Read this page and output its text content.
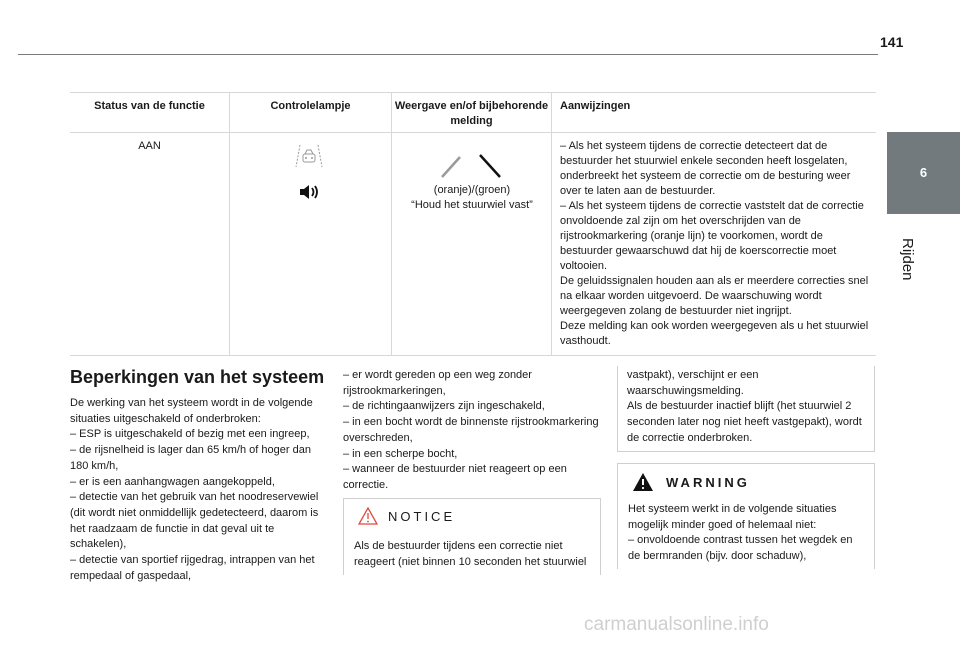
141
6
Rijden
Status van de functie	Controlelampje	Weergave en/of bijbehorende melding
Aanwijzingen
AAN

(oranje)/(groen)

“Houd het stuurwiel vast”

– Als het systeem tijdens de correctie detecteert dat de bestuurder het stuurwiel enkele seconden heeft losgelaten, onderbreekt het systeem de correctie om de besturing weer over te laten aan de bestuurder.

– Als het systeem tijdens de correctie vaststelt dat de correctie onvoldoende zal zijn om het overschrijden van de rijstrookmarkering (oranje lijn) te voorkomen, wordt de bestuurder gewaarschuwd dat hij de koerscorrectie moet voltooien.

De geluidssignalen houden aan als er meerdere correcties snel na elkaar worden uitgevoerd. De waarschuwing wordt weergegeven zolang de bestuurder niet ingrijpt.

Deze melding kan ook worden weergegeven als u het stuurwiel vasthoudt.

Beperkingen van het systeem

De werking van het systeem wordt in de volgende situaties uitgeschakeld of onderbroken:

– ESP is uitgeschakeld of bezig met een ingreep,

– de rijsnelheid is lager dan 65 km/h of hoger dan 180 km/h,

– er is een aanhangwagen aangekoppeld,

– detectie van het gebruik van het noodreservewiel (dit wordt niet onmiddellijk gedetecteerd, daarom is het raadzaam de functie in dat geval uit te schakelen),

– detectie van sportief rijgedrag, intrappen van het rempedaal of gaspedaal,

– er wordt gereden op een weg zonder rijstrookmarkeringen,

– de richtingaanwijzers zijn ingeschakeld,

– in een bocht wordt de binnenste rijstrookmarkering overschreden,

– in een scherpe bocht,

– wanneer de bestuurder niet reageert op een correctie.

NOTICE
Als de bestuurder tijdens een correctie niet reageert (niet binnen 10 seconden het stuurwiel

vastpakt), verschijnt er een waarschuwingsmelding.

Als de bestuurder inactief blijft (het stuurwiel 2 seconden later nog niet heeft vastgepakt), wordt de correctie onderbroken.

WARNING

Het systeem werkt in de volgende situaties mogelijk minder goed of helemaal niet:

– onvoldoende contrast tussen het wegdek en de bermranden (bijv. door schaduw),

carmanualsonline.info
